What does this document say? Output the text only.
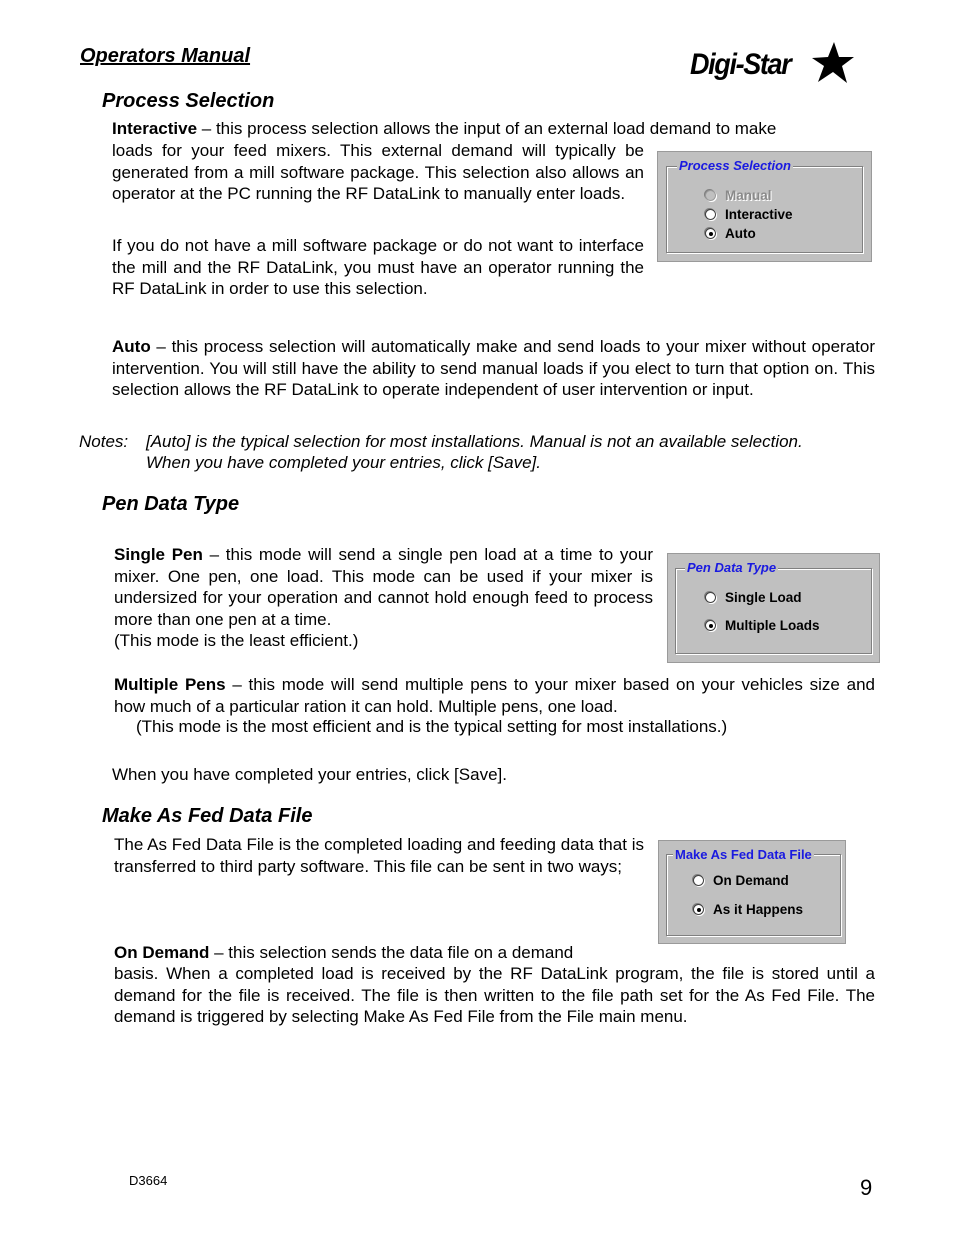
Operators Manual	Digi-Star
Process Selection
Interactive – this process selection allows the input of an external load demand to make
loads for your feed mixers. This external demand will typically be generated from a mill software package. This selection also allows an operator at the PC running the RF DataLink to manually enter loads.
If you do not have a mill software package or do not want to interface the mill and the RF DataLink, you must have an operator running the RF DataLink in order to use this selection.
Process Selection
Manual
Interactive
Auto
Auto – this process selection will automatically make and send loads to your mixer without operator intervention. You will still have the ability to send manual loads if you elect to turn that option on. This selection allows the RF DataLink to operate independent of user intervention or input.
Notes: [Auto] is the typical selection for most installations. Manual is not an available selection.
When you have completed your entries, click [Save].
Pen Data Type
Single Pen – this mode will send a single pen load at a time to your mixer. One pen, one load. This mode can be used if your mixer is undersized for your operation and cannot hold enough feed to process more than one pen at a time.
(This mode is the least efficient.)
Pen Data Type
Single Load
Multiple Loads
Multiple Pens – this mode will send multiple pens to your mixer based on your vehicles size and how much of a particular ration it can hold. Multiple pens, one load.
(This mode is the most efficient and is the typical setting for most installations.)
When you have completed your entries, click [Save].
Make As Fed Data File
The As Fed Data File is the completed loading and feeding data that is transferred to third party software. This file can be sent in two ways;
Make As Fed Data File
On Demand
As it Happens
On Demand – this selection sends the data file on a demand
basis. When a completed load is received by the RF DataLink program, the file is stored until a demand for the file is received. The file is then written to the file path set for the As Fed File. The demand is triggered by selecting Make As Fed File from the File main menu.
D3664	9
